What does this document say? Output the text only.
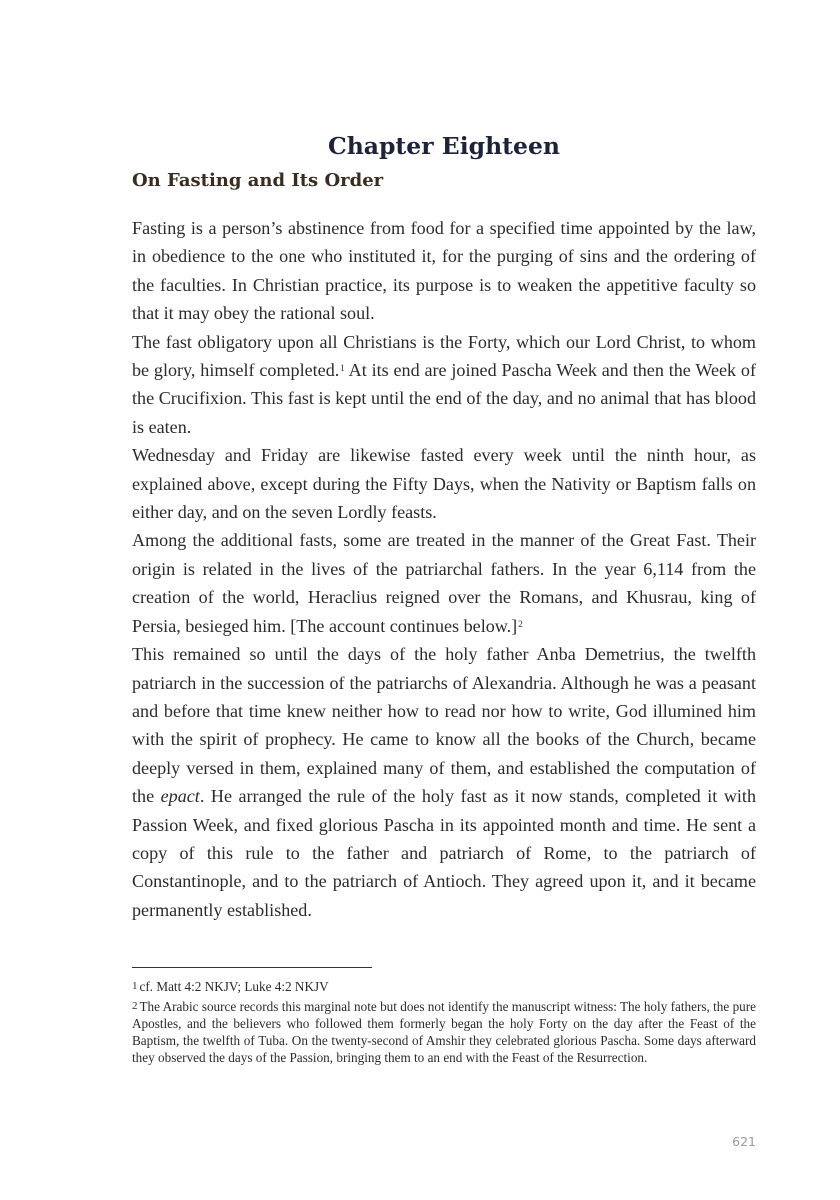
Chapter Eighteen
On Fasting and Its Order

Fasting is a person’s abstinence from food for a specified time appointed by the law, in obedience to the one who instituted it, for the purging of sins and the ordering of the faculties. In Christian practice, its purpose is to weaken the appetitive faculty so that it may obey the rational soul.

The fast obligatory upon all Christians is the Forty, which our Lord Christ, to whom be glory, himself completed.$^1$ At its end are joined Pascha Week and then the Week of the Crucifixion. This fast is kept until the end of the day, and no animal that has blood is eaten.

Wednesday and Friday are likewise fasted every week until the ninth hour, as explained above, except during the Fifty Days, when the Nativity or Baptism falls on either day, and on the seven Lordly feasts.

Among the additional fasts, some are treated in the manner of the Great Fast. Their origin is related in the lives of the patriarchal fathers. In the year 6,114 from the creation of the world, Heraclius reigned over the Romans, and Khusrau, king of Persia, besieged him. [The account continues below.]$^2$

This remained so until the days of the holy father Anba Demetrius, the twelfth patriarch in the succession of the patriarchs of Alexandria. Although he was a peasant and before that time knew neither how to read nor how to write, God illumined him with the spirit of prophecy. He came to know all the books of the Church, became deeply versed in them, explained many of them, and established the computation of the epact. He arranged the rule of the holy fast as it now stands, completed it with Passion Week, and fixed glorious Pascha in its appointed month and time. He sent a copy of this rule to the father and patriarch of Rome, to the patriarch of Constantinople, and to the patriarch of Antioch. They agreed upon it, and it became permanently established.

$^1$ cf. Matt 4:2 NKJV; Luke 4:2 NKJV

$^2$ The Arabic source records this marginal note but does not identify the manuscript witness: The holy fathers, the pure Apostles, and the believers who followed them formerly began the holy Forty on the day after the Feast of the Baptism, the twelfth of Tuba. On the twenty-second of Amshir they celebrated glorious Pascha. Some days afterward they observed the days of the Passion, bringing them to an end with the Feast of the Resurrection.

621
